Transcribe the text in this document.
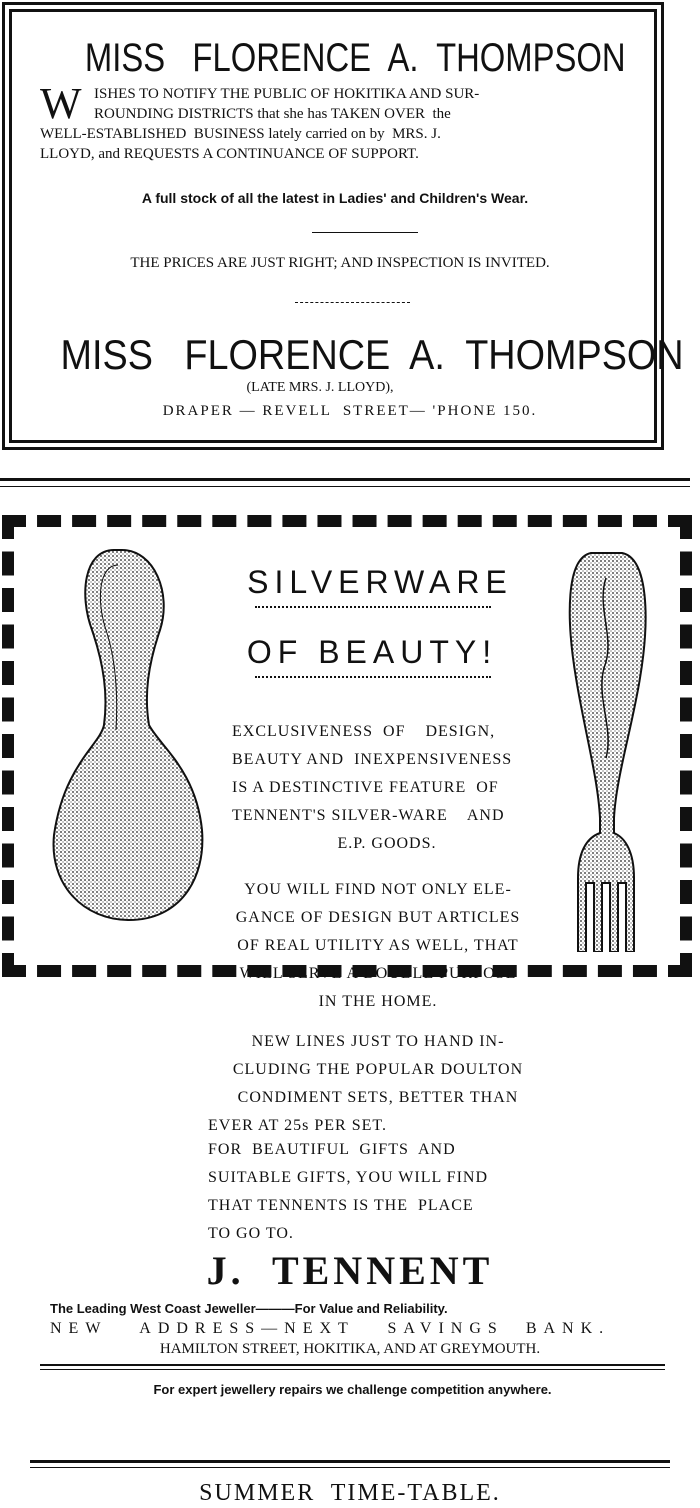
MISS   FLORENCE  A.  THOMPSON
W ISHES TO NOTIFY THE PUBLIC OF HOKITIKA AND SUR-
ROUNDING DISTRICTS that she has TAKEN OVER  the
WELL-ESTABLISHED  BUSINESS lately carried on by  MRS. J.
LLOYD, and REQUESTS A CONTINUANCE OF SUPPORT.
A full stock of all the latest in Ladies' and Children's Wear.
THE PRICES ARE JUST RIGHT; AND INSPECTION IS INVITED.
MISS   FLORENCE  A.  THOMPSON
(LATE MRS. J. LLOYD),
DRAPER — REVELL  STREET— 'PHONE 150.
SILVERWARE
OF BEAUTY!
EXCLUSIVENESS  OF    DESIGN,
BEAUTY AND  INEXPENSIVENESS
IS A DESTINCTIVE FEATURE  OF
TENNENT'S SILVER-WARE    AND
E.P. GOODS.
YOU WILL FIND NOT ONLY ELE-
GANCE OF DESIGN BUT ARTICLES
OF REAL UTILITY AS WELL, THAT
WILL SERVE A DOUBLE PURPOSE
IN THE HOME.
NEW LINES JUST TO HAND IN-
CLUDING THE POPULAR DOULTON
CONDIMENT SETS, BETTER THAN
EVER AT 25s PER SET.
FOR  BEAUTIFUL  GIFTS  AND
SUITABLE GIFTS, YOU WILL FIND
THAT TENNENTS IS THE  PLACE
TO GO TO.
J.  TENNENT
The Leading West Coast Jeweller———For Value and Reliability.
NEW   ADDRESS—NEXT   SAVINGS  BANK.
HAMILTON STREET, HOKITIKA, AND AT GREYMOUTH.
For expert jewellery repairs we challenge competition anywhere.
SUMMER  TIME-TABLE.
